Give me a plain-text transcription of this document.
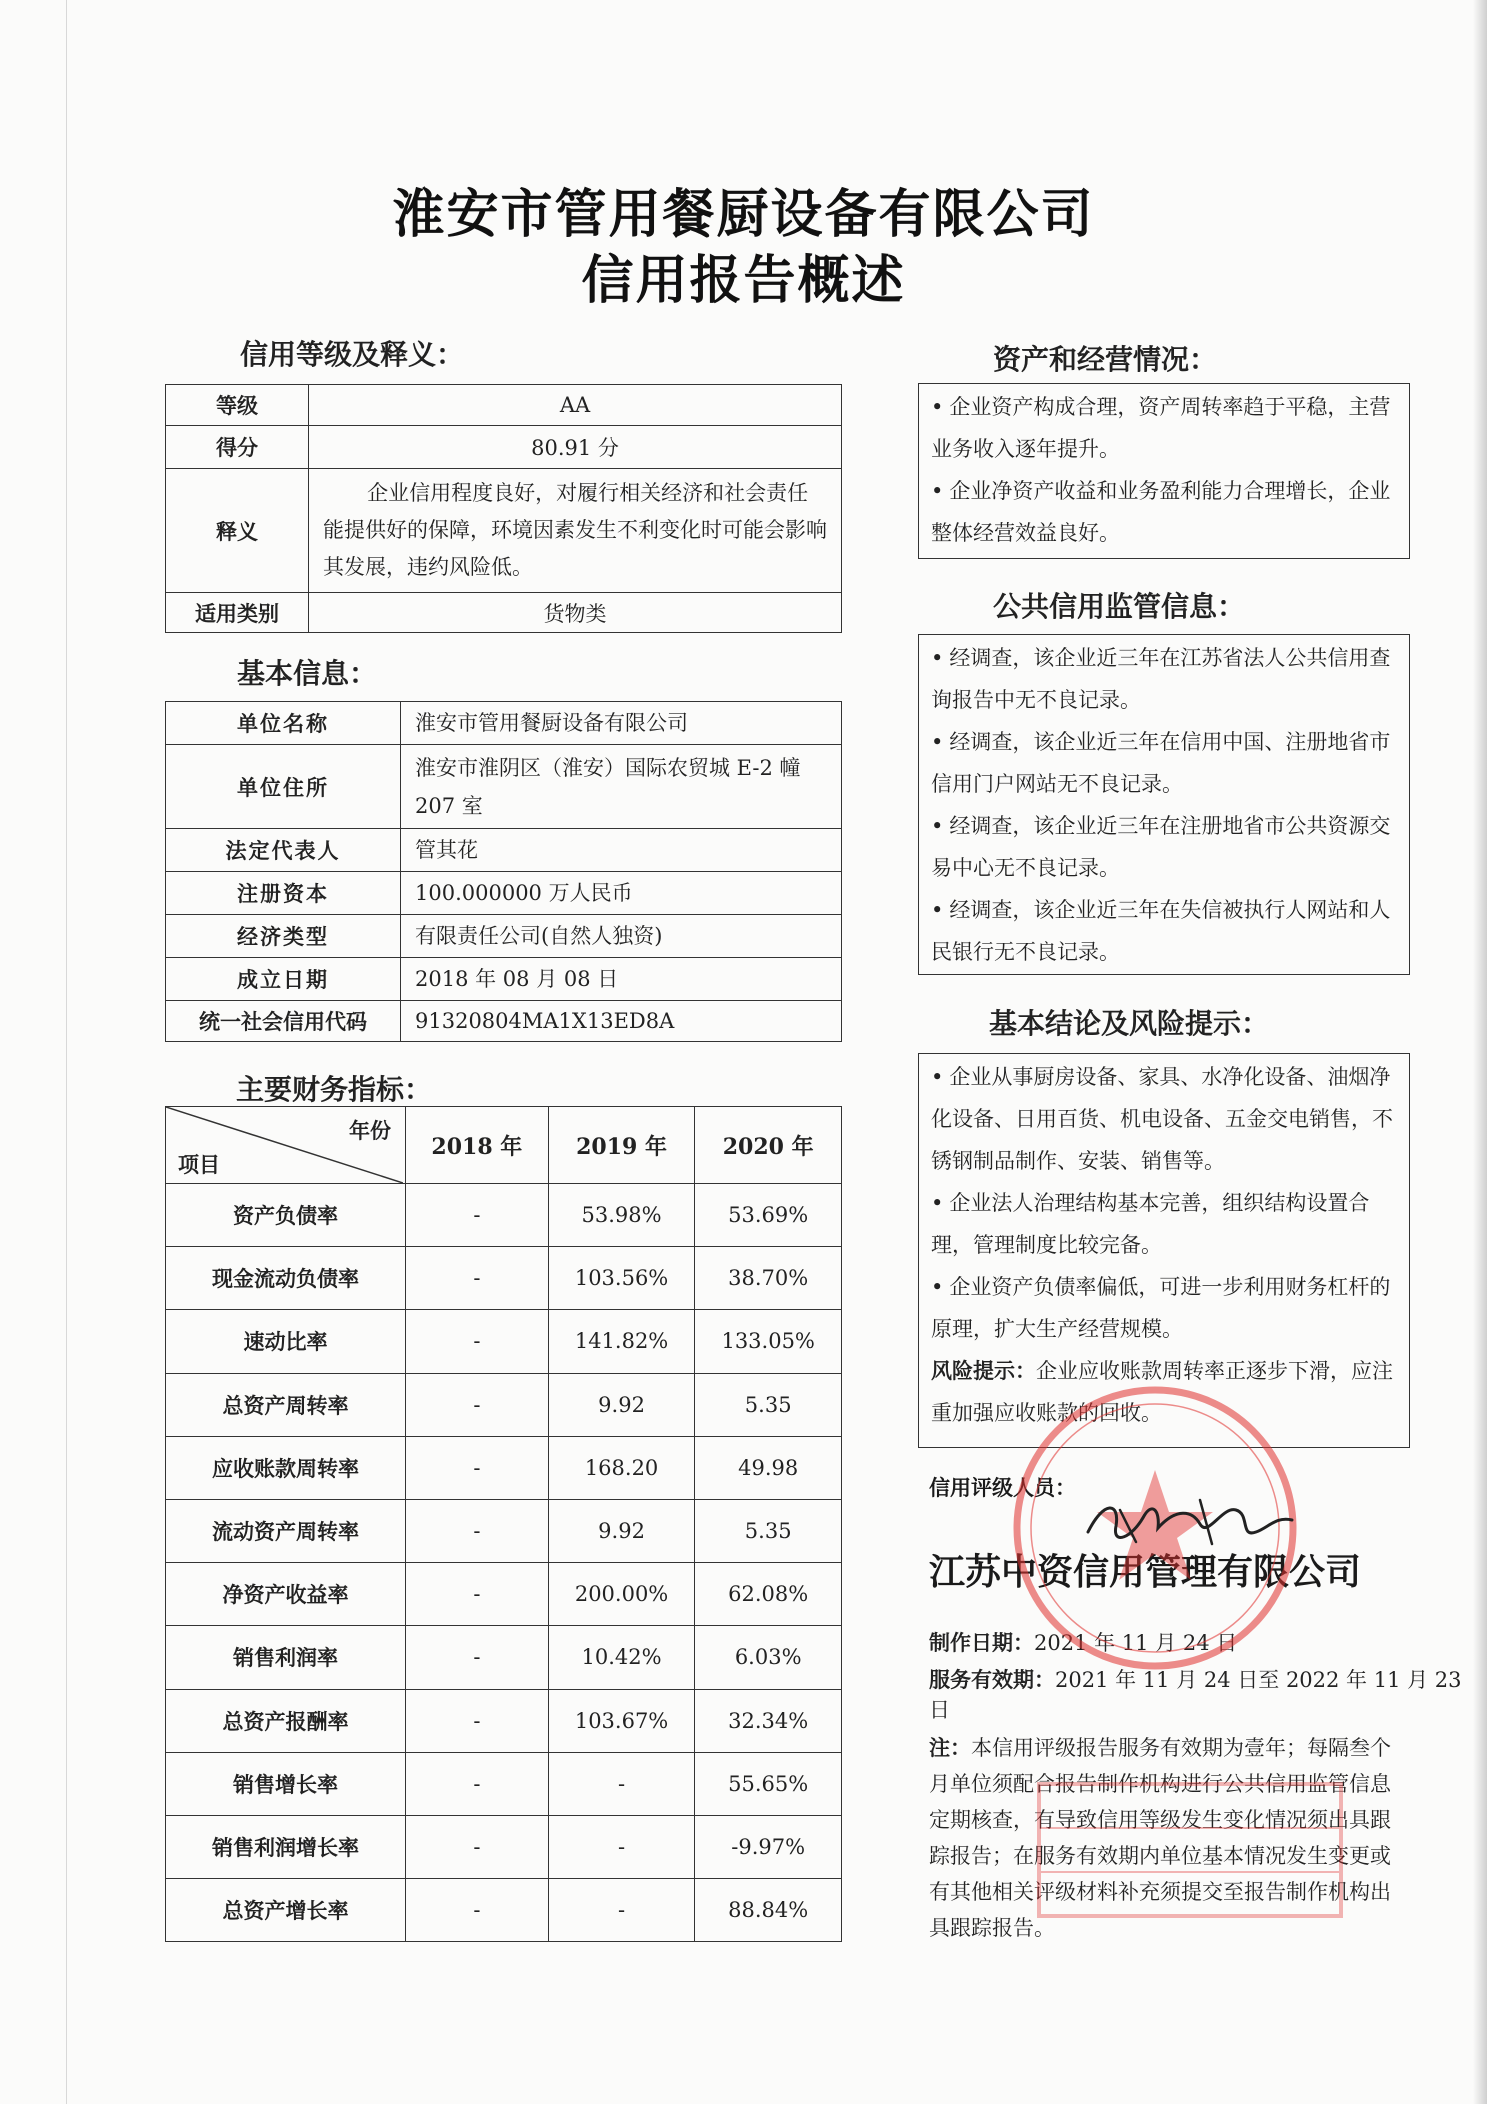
淮安市管用餐厨设备有限公司
信用报告概述
信用等级及释义：
等级	AA
得分	80.91 分
释义	企业信用程度良好，对履行相关经济和社会责任能提供好的保障，环境因素发生不利变化时可能会影响其发展，违约风险低。
适用类别	货物类
基本信息：
单位名称	淮安市管用餐厨设备有限公司
单位住所	淮安市淮阴区（淮安）国际农贸城 E-2 幢 207 室
法定代表人	管其花
注册资本	100.000000 万人民币
经济类型	有限责任公司(自然人独资)
成立日期	2018 年 08 月 08 日
统一社会信用代码	91320804MA1X13ED8A
主要财务指标：
年份
项目	2018 年	2019 年	2020 年
资产负债率	-	53.98%	53.69%
现金流动负债率	-	103.56%	38.70%
速动比率	-	141.82%	133.05%
总资产周转率	-	9.92	5.35
应收账款周转率	-	168.20	49.98
流动资产周转率	-	9.92	5.35
净资产收益率	-	200.00%	62.08%
销售利润率	-	10.42%	6.03%
总资产报酬率	-	103.67%	32.34%
销售增长率	-	-	55.65%
销售利润增长率	-	-	-9.97%
总资产增长率	-	-	88.84%
资产和经营情况：

• 企业资产构成合理，资产周转率趋于平稳，主营业务收入逐年提升。

• 企业净资产收益和业务盈利能力合理增长，企业整体经营效益良好。

公共信用监管信息：

• 经调查，该企业近三年在江苏省法人公共信用查询报告中无不良记录。

• 经调查，该企业近三年在信用中国、注册地省市信用门户网站无不良记录。

• 经调查，该企业近三年在注册地省市公共资源交易中心无不良记录。

• 经调查，该企业近三年在失信被执行人网站和人民银行无不良记录。

基本结论及风险提示：

• 企业从事厨房设备、家具、水净化设备、油烟净化设备、日用百货、机电设备、五金交电销售，不锈钢制品制作、安装、销售等。

• 企业法人治理结构基本完善，组织结构设置合理，管理制度比较完备。

• 企业资产负债率偏低，可进一步利用财务杠杆的原理，扩大生产经营规模。

风险提示：企业应收账款周转率正逐步下滑，应注重加强应收账款的回收。

信用评级人员：
江苏中资信用管理有限公司
制作日期：2021 年 11 月 24 日
服务有效期：2021 年 11 月 24 日至 2022 年 11 月 23 日
注：本信用评级报告服务有效期为壹年；每隔叁个月单位须配合报告制作机构进行公共信用监管信息定期核查，有导致信用等级发生变化情况须出具跟踪报告；在服务有效期内单位基本情况发生变更或有其他相关评级材料补充须提交至报告制作机构出具跟踪报告。
